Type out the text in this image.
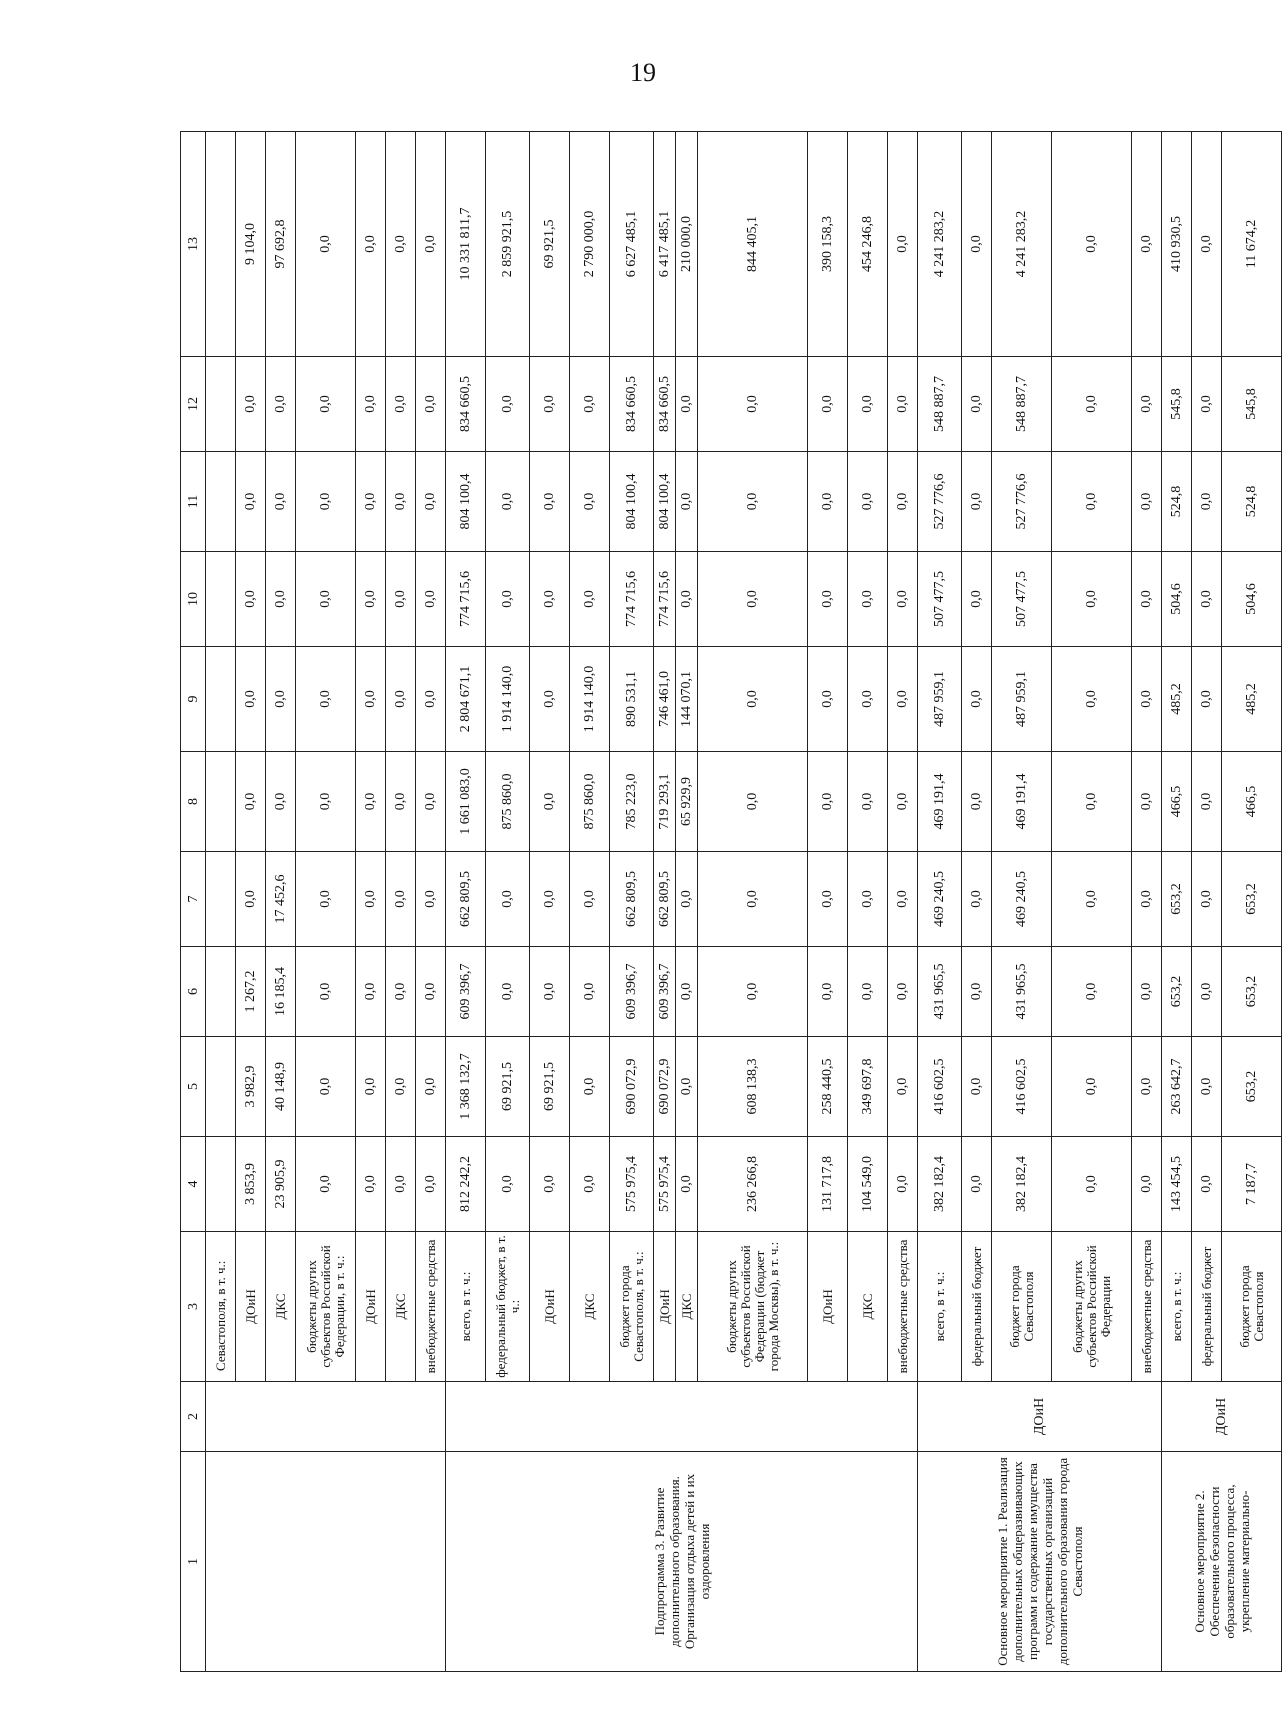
19
1	2	3	4	5	6	7	8	9	10	11	12	13
		Севастополя, в т. ч.:										
		ДОиН	3 853,9	3 982,9	1 267,2	0,0	0,0	0,0	0,0	0,0	0,0	9 104,0
		ДКС	23 905,9	40 148,9	16 185,4	17 452,6	0,0	0,0	0,0	0,0	0,0	97 692,8
		бюджеты других субъектов Российской Федерации, в т. ч.:	0,0	0,0	0,0	0,0	0,0	0,0	0,0	0,0	0,0	0,0
		ДОиН	0,0	0,0	0,0	0,0	0,0	0,0	0,0	0,0	0,0	0,0
		ДКС	0,0	0,0	0,0	0,0	0,0	0,0	0,0	0,0	0,0	0,0
		внебюджетные средства	0,0	0,0	0,0	0,0	0,0	0,0	0,0	0,0	0,0	0,0
Подпрограмма 3. Развитие дополнительного образования. Организация отдыха детей и их оздоровления		всего, в т. ч.:	812 242,2	1 368 132,7	609 396,7	662 809,5	1 661 083,0	2 804 671,1	774 715,6	804 100,4	834 660,5	10 331 811,7
		федеральный бюджет, в т. ч.:	0,0	69 921,5	0,0	0,0	875 860,0	1 914 140,0	0,0	0,0	0,0	2 859 921,5
		ДОиН	0,0	69 921,5	0,0	0,0	0,0	0,0	0,0	0,0	0,0	69 921,5
		ДКС	0,0	0,0	0,0	0,0	875 860,0	1 914 140,0	0,0	0,0	0,0	2 790 000,0
		бюджет города Севастополя, в т. ч.:	575 975,4	690 072,9	609 396,7	662 809,5	785 223,0	890 531,1	774 715,6	804 100,4	834 660,5	6 627 485,1
		ДОиН	575 975,4	690 072,9	609 396,7	662 809,5	719 293,1	746 461,0	774 715,6	804 100,4	834 660,5	6 417 485,1
		ДКС	0,0	0,0	0,0	0,0	65 929,9	144 070,1	0,0	0,0	0,0	210 000,0
		бюджеты других субъектов Российской Федерации (бюджет города Москвы), в т. ч.:	236 266,8	608 138,3	0,0	0,0	0,0	0,0	0,0	0,0	0,0	844 405,1
		ДОиН	131 717,8	258 440,5	0,0	0,0	0,0	0,0	0,0	0,0	0,0	390 158,3
		ДКС	104 549,0	349 697,8	0,0	0,0	0,0	0,0	0,0	0,0	0,0	454 246,8
		внебюджетные средства	0,0	0,0	0,0	0,0	0,0	0,0	0,0	0,0	0,0	0,0
Основное мероприятие 1. Реализация дополнительных общеразвивающих программ и содержание имущества государственных организаций дополнительного образования города Севастополя	ДОиН	всего, в т. ч.:	382 182,4	416 602,5	431 965,5	469 240,5	469 191,4	487 959,1	507 477,5	527 776,6	548 887,7	4 241 283,2
		федеральный бюджет	0,0	0,0	0,0	0,0	0,0	0,0	0,0	0,0	0,0	0,0
		бюджет города Севастополя	382 182,4	416 602,5	431 965,5	469 240,5	469 191,4	487 959,1	507 477,5	527 776,6	548 887,7	4 241 283,2
		бюджеты других субъектов Российской Федерации	0,0	0,0	0,0	0,0	0,0	0,0	0,0	0,0	0,0	0,0
		внебюджетные средства	0,0	0,0	0,0	0,0	0,0	0,0	0,0	0,0	0,0	0,0
Основное мероприятие 2. Обеспечение безопасности образовательного процесса, укрепление материально-	ДОиН	всего, в т. ч.:	143 454,5	263 642,7	653,2	653,2	466,5	485,2	504,6	524,8	545,8	410 930,5
		федеральный бюджет	0,0	0,0	0,0	0,0	0,0	0,0	0,0	0,0	0,0	0,0
		бюджет города Севастополя	7 187,7	653,2	653,2	653,2	466,5	485,2	504,6	524,8	545,8	11 674,2
